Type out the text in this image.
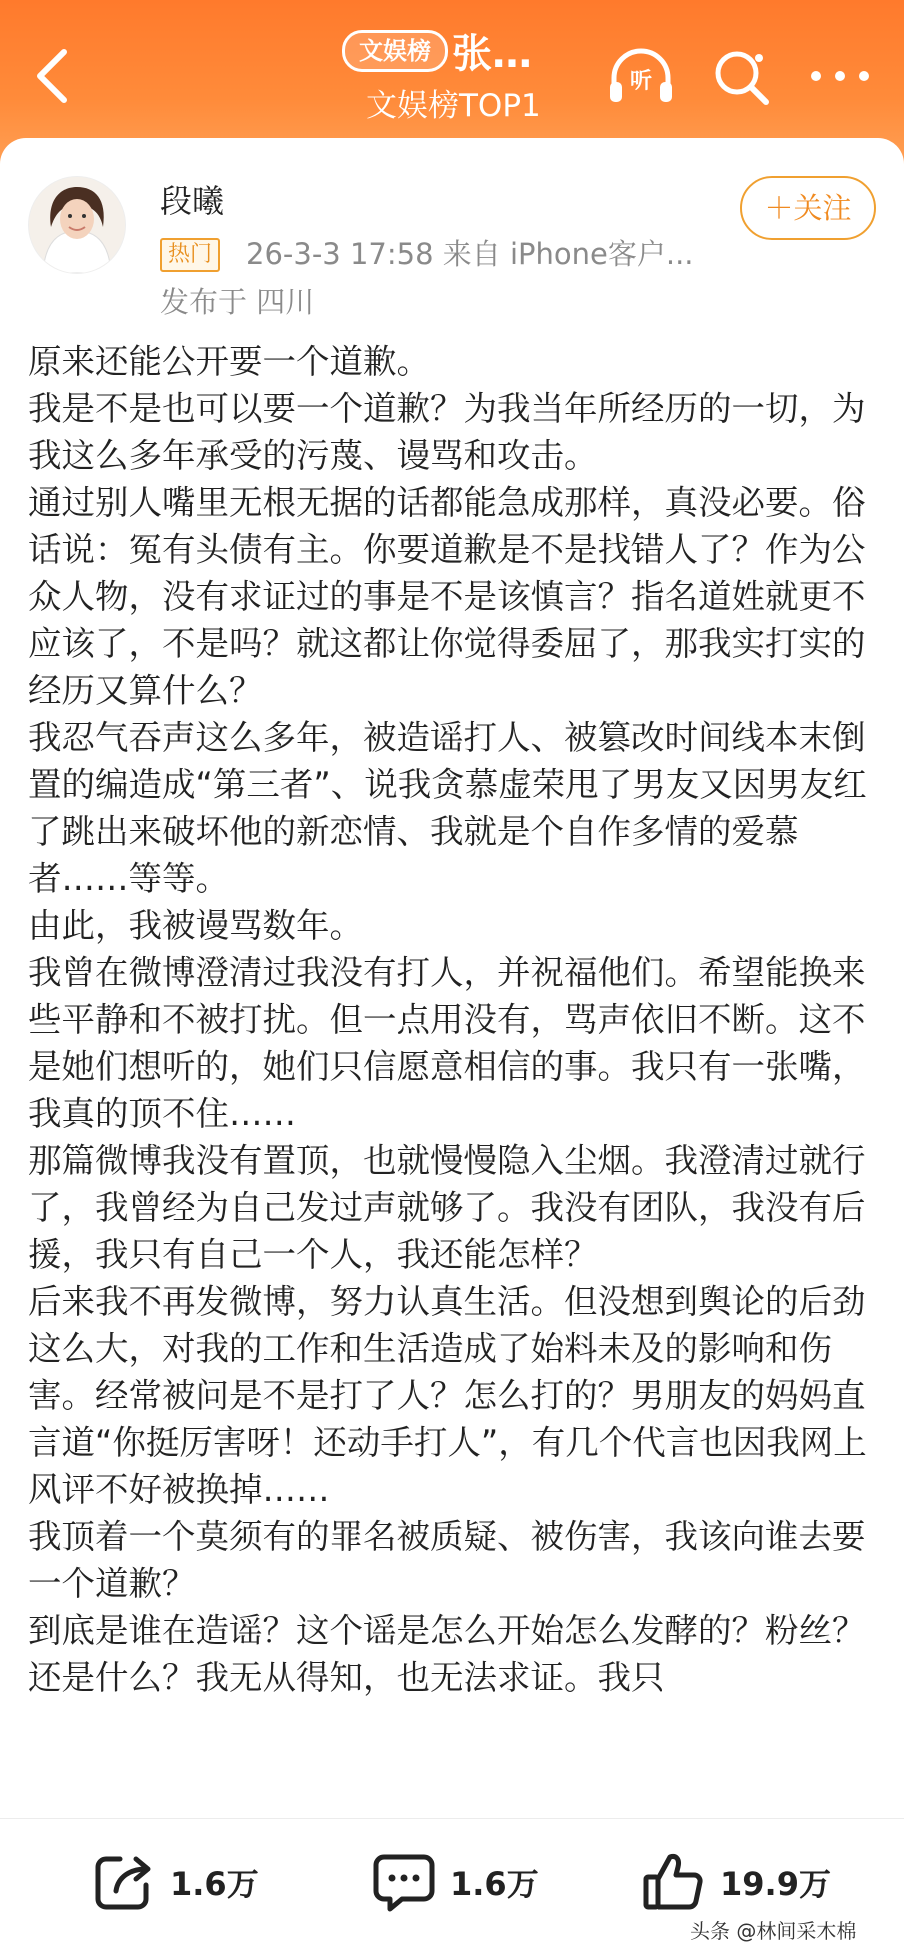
文娱榜 张…
文娱榜TOP1
听
段曦
热门 26-3-3 17:58 来自 iPhone客户...
发布于 四川
＋关注

原来还能公开要一个道歉。

我是不是也可以要一个道歉？为我当年所经历的一切，为我这么多年承受的污蔑、谩骂和攻击。

通过别人嘴里无根无据的话都能急成那样，真没必要。俗话说：冤有头债有主。你要道歉是不是找错人了？作为公众人物，没有求证过的事是不是该慎言？指名道姓就更不应该了，不是吗？就这都让你觉得委屈了，那我实打实的经历又算什么？

我忍气吞声这么多年，被造谣打人、被篡改时间线本末倒置的编造成“第三者”、说我贪慕虚荣甩了男友又因男友红了跳出来破坏他的新恋情、我就是个自作多情的爱慕者……等等。

由此，我被谩骂数年。

我曾在微博澄清过我没有打人，并祝福他们。希望能换来些平静和不被打扰。但一点用没有，骂声依旧不断。这不是她们想听的，她们只信愿意相信的事。我只有一张嘴，我真的顶不住……

那篇微博我没有置顶，也就慢慢隐入尘烟。我澄清过就行了，我曾经为自己发过声就够了。我没有团队，我没有后援，我只有自己一个人，我还能怎样？

后来我不再发微博，努力认真生活。但没想到舆论的后劲这么大，对我的工作和生活造成了始料未及的影响和伤害。经常被问是不是打了人？怎么打的？男朋友的妈妈直言道“你挺厉害呀！还动手打人”，有几个代言也因我网上风评不好被换掉……

我顶着一个莫须有的罪名被质疑、被伤害，我该向谁去要一个道歉？

到底是谁在造谣？这个谣是怎么开始怎么发酵的？粉丝？还是什么？我无从得知，也无法求证。我只

1.6万	1.6万	19.9万
头条 @林间采木棉
